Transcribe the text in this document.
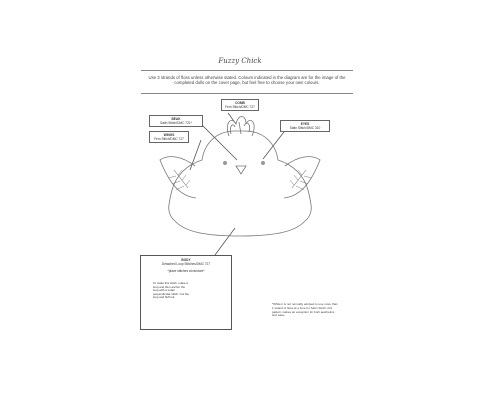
Fuzzy Chick
Use 3 strands of floss unless otherwise stated. Colours indicated in the diagram are for the image of the completed dolls on the cover page, but feel free to choose your own colours.
COMB
Fern Stitch/DMC 727
BEAK
Satin Stitch/DMC 721*
WINGS
Fern Stitch/DMC 727
EYES
Satin Stitch/DMC 310
BODY
Detached Loop Stitches/DMC 727
*place stitches at random*
To make this stitch, make a loop and then anchor the loop with a small perpendicular stitch. Cut the loop and fluff out.
*While it is not normally advised to use more than 1 strand of floss at a time for Satin Stitch, this pattern makes an exception for both aesthetics and ease.
